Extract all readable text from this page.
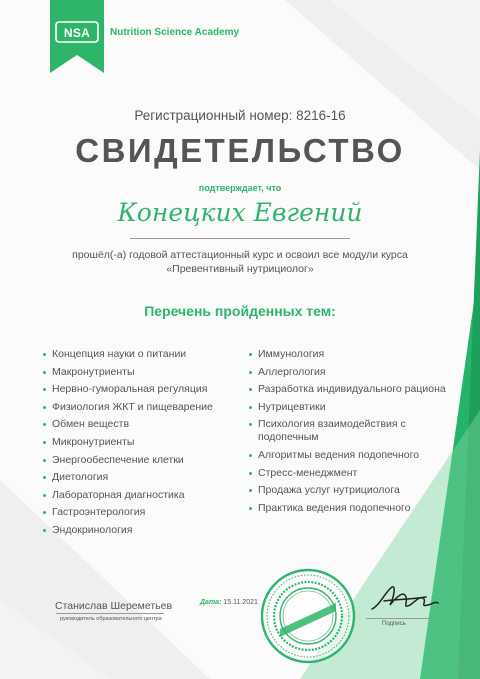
NSA	Nutrition Science Academy
Регистрационный номер: 8216-16
СВИДЕТЕЛЬСТВО
подтверждает, что
Конецких Евгений
прошёл(-а) годовой аттестационный курс и освоил все модули курса
«Превентивный нутрициолог»
Перечень пройденных тем:
Концепция науки о питании
Макронутриенты
Нервно-гуморальная регуляция
Физиология ЖКТ и пищеварение
Обмен веществ
Микронутриенты
Энергообеспечение клетки
Диетология
Лабораторная диагностика
Гастроэнтерология
Эндокринология
Иммунология
Аллергология
Разработка индивидуального рациона
Нутрицевтики
Психология взаимодействия с подопечным
Алгоритмы ведения подопечного
Стресс-менеджмент
Продажа услуг нутрициолога
Практика ведения подопечного
Станислав Шереметьев
руководитель образовательного центра
Дата: 15.11.2021
Подпись
